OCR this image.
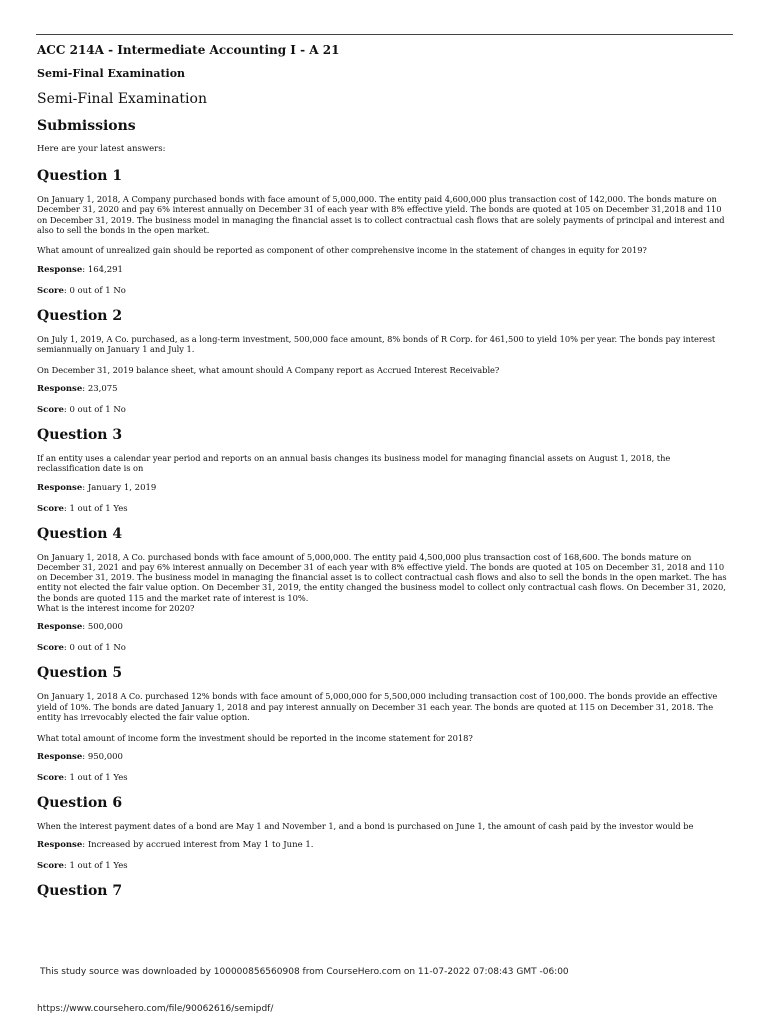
ACC 214A - Intermediate Accounting I - A 21

Semi-Final Examination

Semi-Final Examination
Submissions

Here are your latest answers:

Question 1

On January 1, 2018, A Company purchased bonds with face amount of 5,000,000. The entity paid 4,600,000 plus transaction cost of 142,000. The bonds mature on December 31, 2020 and pay 6% interest annually on December 31 of each year with 8% effective yield. The bonds are quoted at 105 on December 31,2018 and 110 on December 31, 2019. The business model in managing the financial asset is to collect contractual cash flows that are solely payments of principal and interest and also to sell the bonds in the open market.

What amount of unrealized gain should be reported as component of other comprehensive income in the statement of changes in equity for 2019?

Response: 164,291

Score: 0 out of 1 No

Question 2

On July 1, 2019, A Co. purchased, as a long-term investment, 500,000 face amount, 8% bonds of R Corp. for 461,500 to yield 10% per year. The bonds pay interest semiannually on January 1 and July 1.

On December 31, 2019 balance sheet, what amount should A Company report as Accrued Interest Receivable?

Response: 23,075

Score: 0 out of 1 No

Question 3

If an entity uses a calendar year period and reports on an annual basis changes its business model for managing financial assets on August 1, 2018, the reclassification date is on

Response: January 1, 2019

Score: 1 out of 1 Yes

Question 4

On January 1, 2018, A Co. purchased bonds with face amount of 5,000,000. The entity paid 4,500,000 plus transaction cost of 168,600. The bonds mature on December 31, 2021 and pay 6% interest annually on December 31 of each year with 8% effective yield. The bonds are quoted at 105 on December 31, 2018 and 110 on December 31, 2019. The business model in managing the financial asset is to collect contractual cash flows and also to sell the bonds in the open market. The has entity not elected the fair value option. On December 31, 2019, the entity changed the business model to collect only contractual cash flows. On December 31, 2020, the bonds are quoted 115 and the market rate of interest is 10%.
What is the interest income for 2020?

Response: 500,000

Score: 0 out of 1 No

Question 5

On January 1, 2018 A Co. purchased 12% bonds with face amount of 5,000,000 for 5,500,000 including transaction cost of 100,000. The bonds provide an effective yield of 10%. The bonds are dated January 1, 2018 and pay interest annually on December 31 each year. The bonds are quoted at 115 on December 31, 2018. The entity has irrevocably elected the fair value option.

What total amount of income form the investment should be reported in the income statement for 2018?

Response: 950,000

Score: 1 out of 1 Yes

Question 6

When the interest payment dates of a bond are May 1 and November 1, and a bond is purchased on June 1, the amount of cash paid by the investor would be

Response: Increased by accrued interest from May 1 to June 1.

Score: 1 out of 1 Yes

Question 7
This study source was downloaded by 100000856560908 from CourseHero.com on 11-07-2022 07:08:43 GMT -06:00
https://www.coursehero.com/file/90062616/semipdf/
